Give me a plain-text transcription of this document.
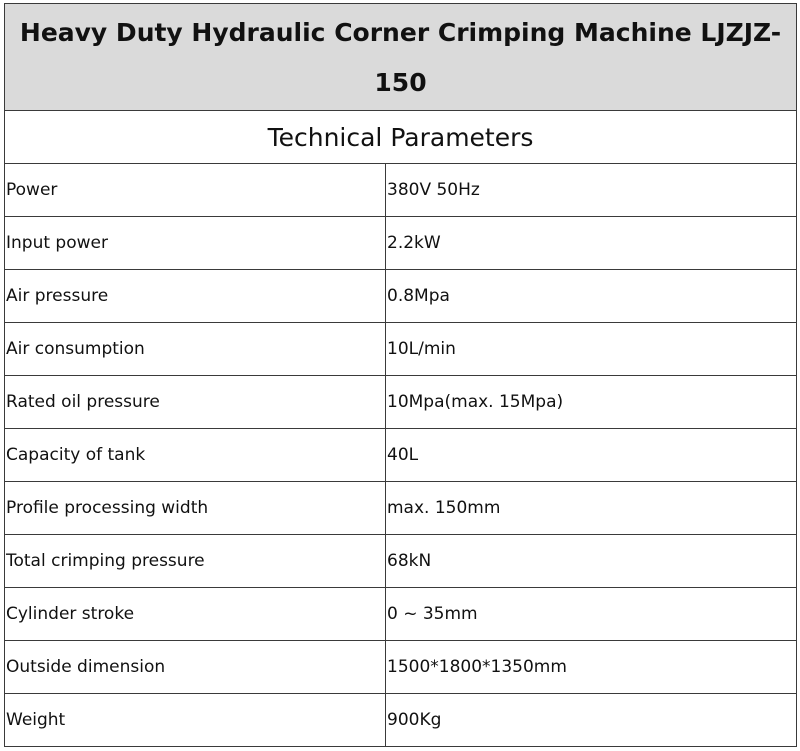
Heavy Duty Hydraulic Corner Crimping Machine LJZJZ-150	
Technical Parameters	
Power	380V 50Hz
Input power	2.2kW
Air pressure	0.8Mpa
Air consumption	10L/min
Rated oil pressure	10Mpa(max. 15Mpa)
Capacity of tank	40L
Profile processing width	max. 150mm
Total crimping pressure	68kN
Cylinder stroke	0 ~ 35mm
Outside dimension	1500*1800*1350mm
Weight	900Kg
